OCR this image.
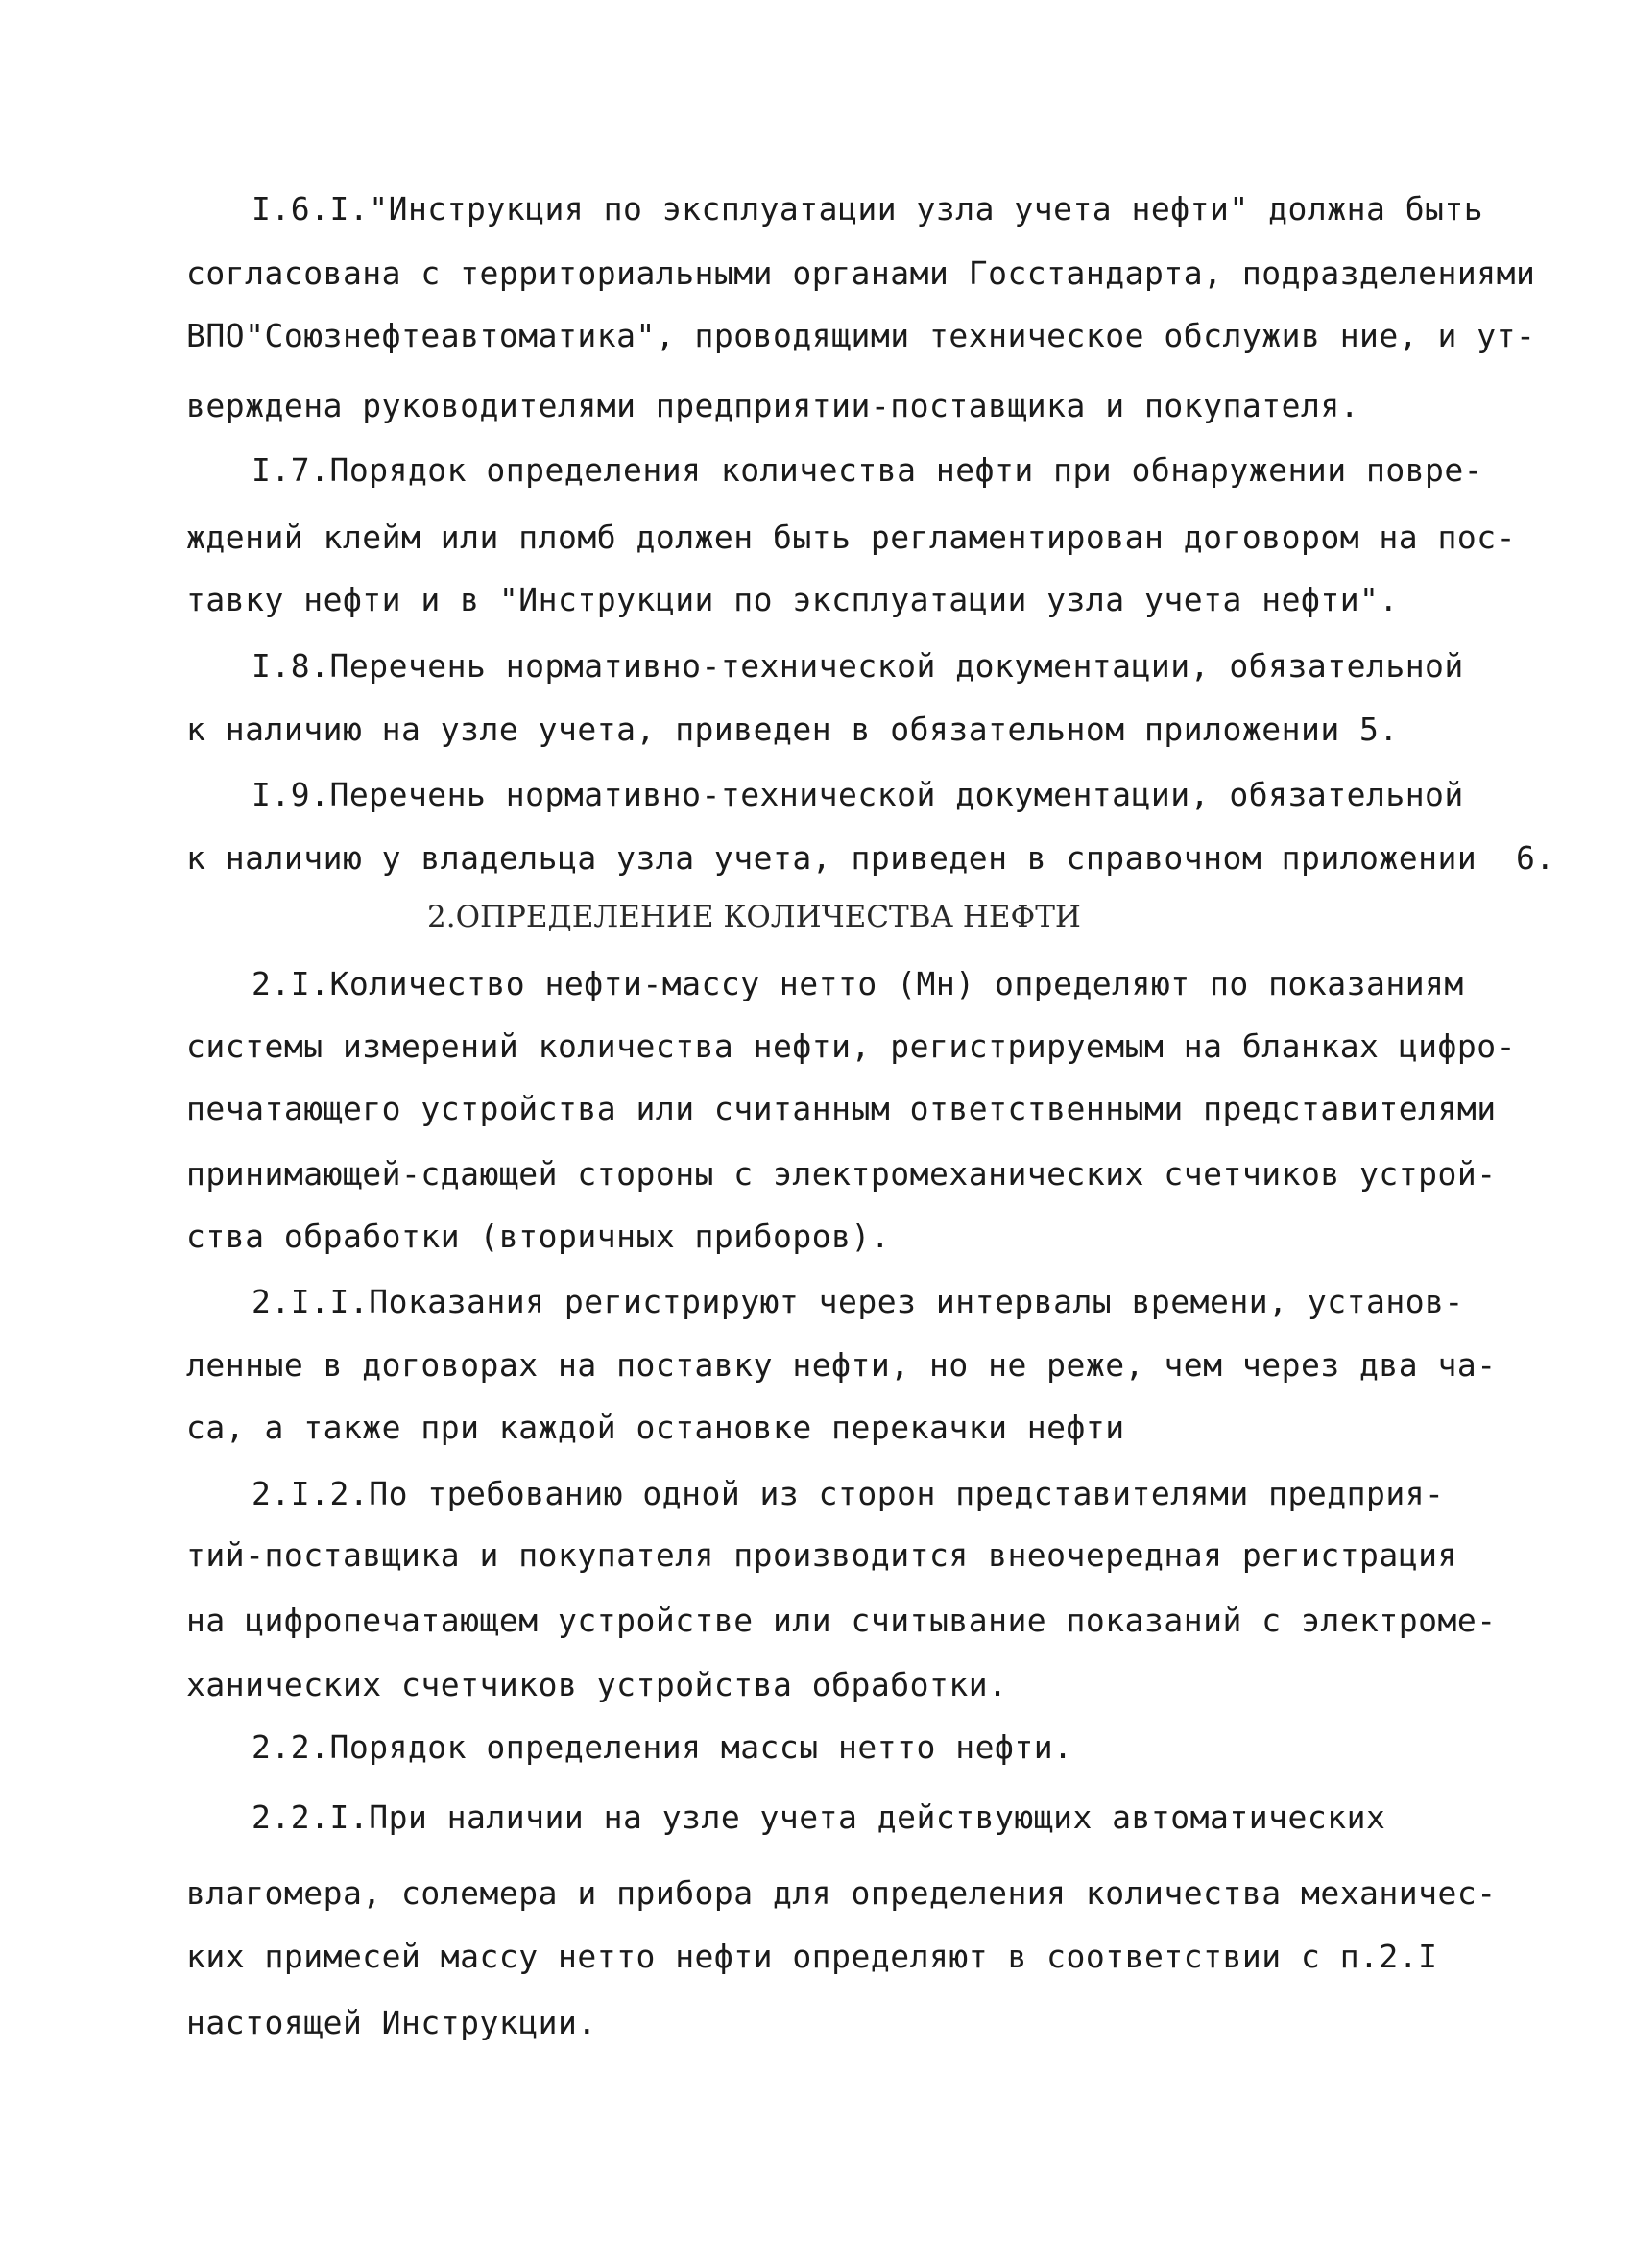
I.6.I."Инструкция по эксплуатации узла учета нефти" должна быть
согласована с территориальными органами Госстандарта, подразделениями
ВПО"Союзнефтеавтоматика", проводящими техническое обслужив ние, и ут-
верждена руководителями предприятии-поставщика и покупателя.
I.7.Порядок определения количества нефти при обнаружении повре-
ждений клейм или пломб должен быть регламентирован договором на пос-
тавку нефти и в "Инструкции по эксплуатации узла учета нефти".
I.8.Перечень нормативно-технической документации, обязательной
к наличию на узле учета, приведен в обязательном приложении 5.
I.9.Перечень нормативно-технической документации, обязательной
к наличию у владельца узла учета, приведен в справочном приложении  6.
2.ОПРЕДЕЛЕНИЕ КОЛИЧЕСТВА НЕФТИ
2.I.Количество нефти-массу нетто (Мн) определяют по показаниям
системы измерений количества нефти, регистрируемым на бланках цифро-
печатающего устройства или считанным ответственными представителями
принимающей-сдающей стороны с электромеханических счетчиков устрой-
ства обработки (вторичных приборов).
2.I.I.Показания регистрируют через интервалы времени, установ-
ленные в договорах на поставку нефти, но не реже, чем через два ча-
са, а также при каждой остановке перекачки нефти
2.I.2.По требованию одной из сторон представителями предприя-
тий-поставщика и покупателя производится внеочередная регистрация
на цифропечатающем устройстве или считывание показаний с электроме-
ханических счетчиков устройства обработки.
2.2.Порядок определения массы нетто нефти.
2.2.I.При наличии на узле учета действующих автоматических
влагомера, солемера и прибора для определения количества механичес-
ких примесей массу нетто нефти определяют в соответствии с п.2.I
настоящей Инструкции.
